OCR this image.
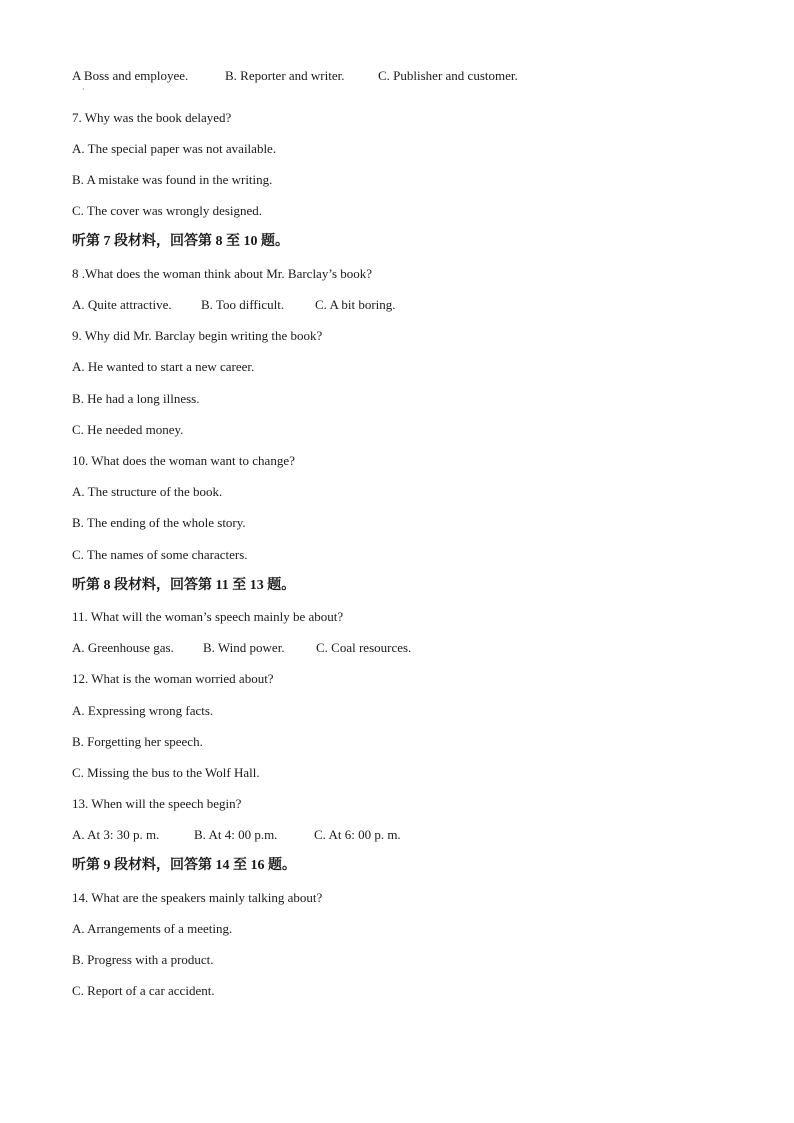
A Boss and employee.	B. Reporter and writer.	C. Publisher and customer.
·
7. Why was the book delayed?
A. The special paper was not available.
B. A mistake was found in the writing.
C. The cover was wrongly designed.
听第 7 段材料，回答第 8 至 10 题。
8 .What does the woman think about Mr. Barclay’s book?
A. Quite attractive. B. Too difficult. C. A bit boring.
9. Why did Mr. Barclay begin writing the book?
A. He wanted to start a new career.
B. He had a long illness.
C. He needed money.
10. What does the woman want to change?
A. The structure of the book.
B. The ending of the whole story.
C. The names of some characters.
听第 8 段材料，回答第 11 至 13 题。
11. What will the woman’s speech mainly be about?
A. Greenhouse gas. B. Wind power. C. Coal resources.
12. What is the woman worried about?
A. Expressing wrong facts.
B. Forgetting her speech.
C. Missing the bus to the Wolf Hall.
13. When will the speech begin?
A. At 3: 30 p. m.	B. At 4: 00 p.m.	C. At 6: 00 p. m.
听第 9 段材料，回答第 14 至 16 题。
14. What are the speakers mainly talking about?
A. Arrangements of a meeting.
B. Progress with a product.
C. Report of a car accident.
